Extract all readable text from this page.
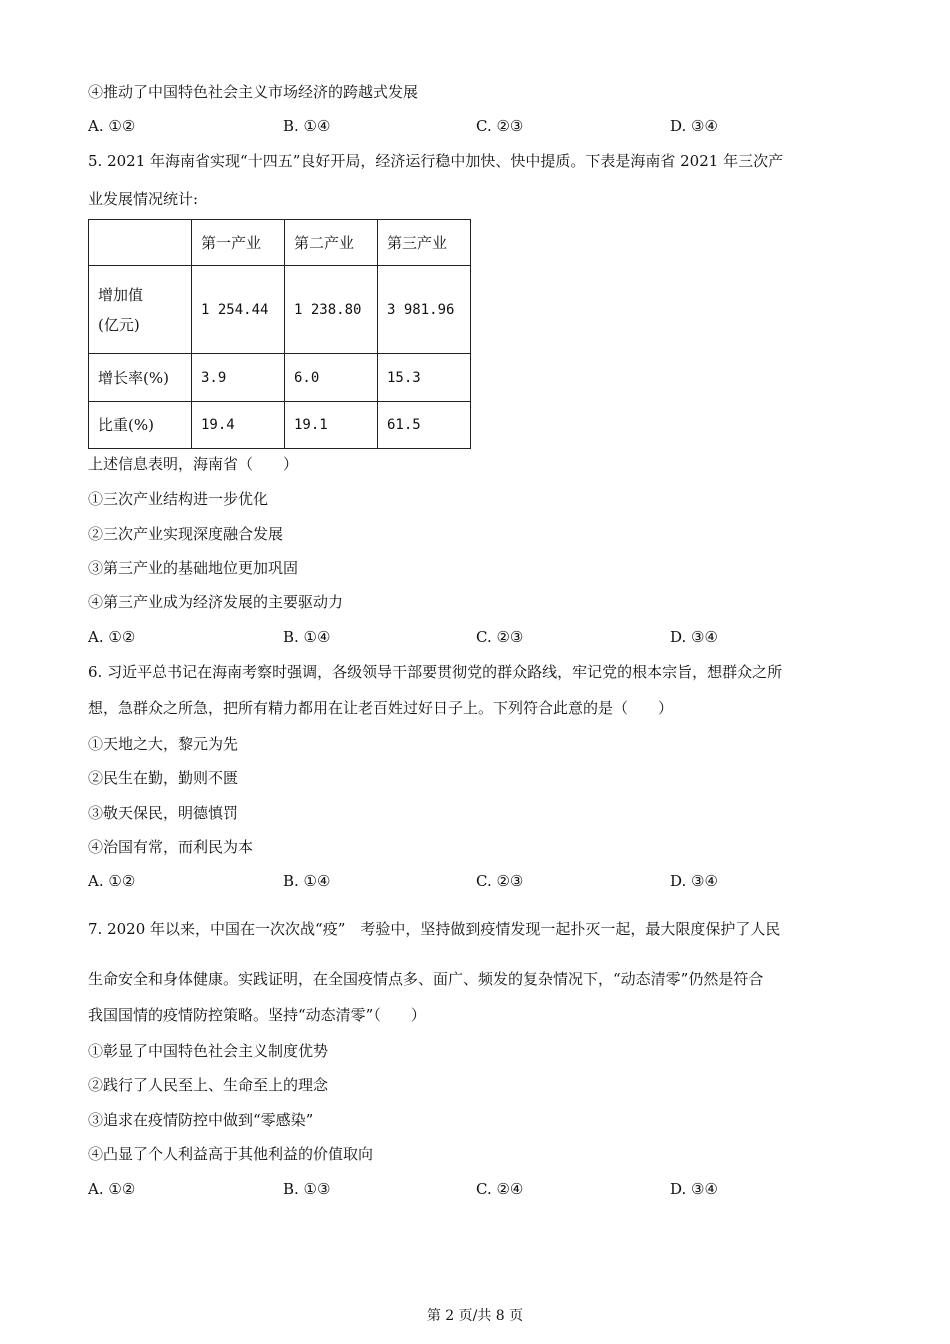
④推动了中国特色社会主义市场经济的跨越式发展
A. ①②	B. ①④	C. ②③	D. ③④
5. 2021 年海南省实现“十四五”良好开局，经济运行稳中加快、快中提质。下表是海南省 2021 年三次产
业发展情况统计:
	第一产业	第二产业	第三产业

增加值
(亿元)	1 254.44	1 238.80	3 981.96
增长率(%)	3.9	6.0	15.3
比重(%)	19.4	19.1	61.5
上述信息表明，海南省（　　）
①三次产业结构进一步优化
②三次产业实现深度融合发展
③第三产业的基础地位更加巩固
④第三产业成为经济发展的主要驱动力
A. ①②	B. ①④	C. ②③	D. ③④
6. 习近平总书记在海南考察时强调，各级领导干部要贯彻党的群众路线，牢记党的根本宗旨，想群众之所
想，急群众之所急，把所有精力都用在让老百姓过好日子上。下列符合此意的是（　　）
①天地之大，黎元为先
②民生在勤，勤则不匮
③敬天保民，明德慎罚
④治国有常，而利民为本
A. ①②	B. ①④	C. ②③	D. ③④
7. 2020 年以来，中国在一次次战“疫”　考验中，坚持做到疫情发现一起扑灭一起，最大限度保护了人民
生命安全和身体健康。实践证明，在全国疫情点多、面广、频发的复杂情况下，“动态清零”仍然是符合
我国国情的疫情防控策略。坚持“动态清零”（　　）
①彰显了中国特色社会主义制度优势
②践行了人民至上、生命至上的理念
③追求在疫情防控中做到“零感染”
④凸显了个人利益高于其他利益的价值取向
A. ①②	B. ①③	C. ②④	D. ③④
第 2 页/共 8 页
